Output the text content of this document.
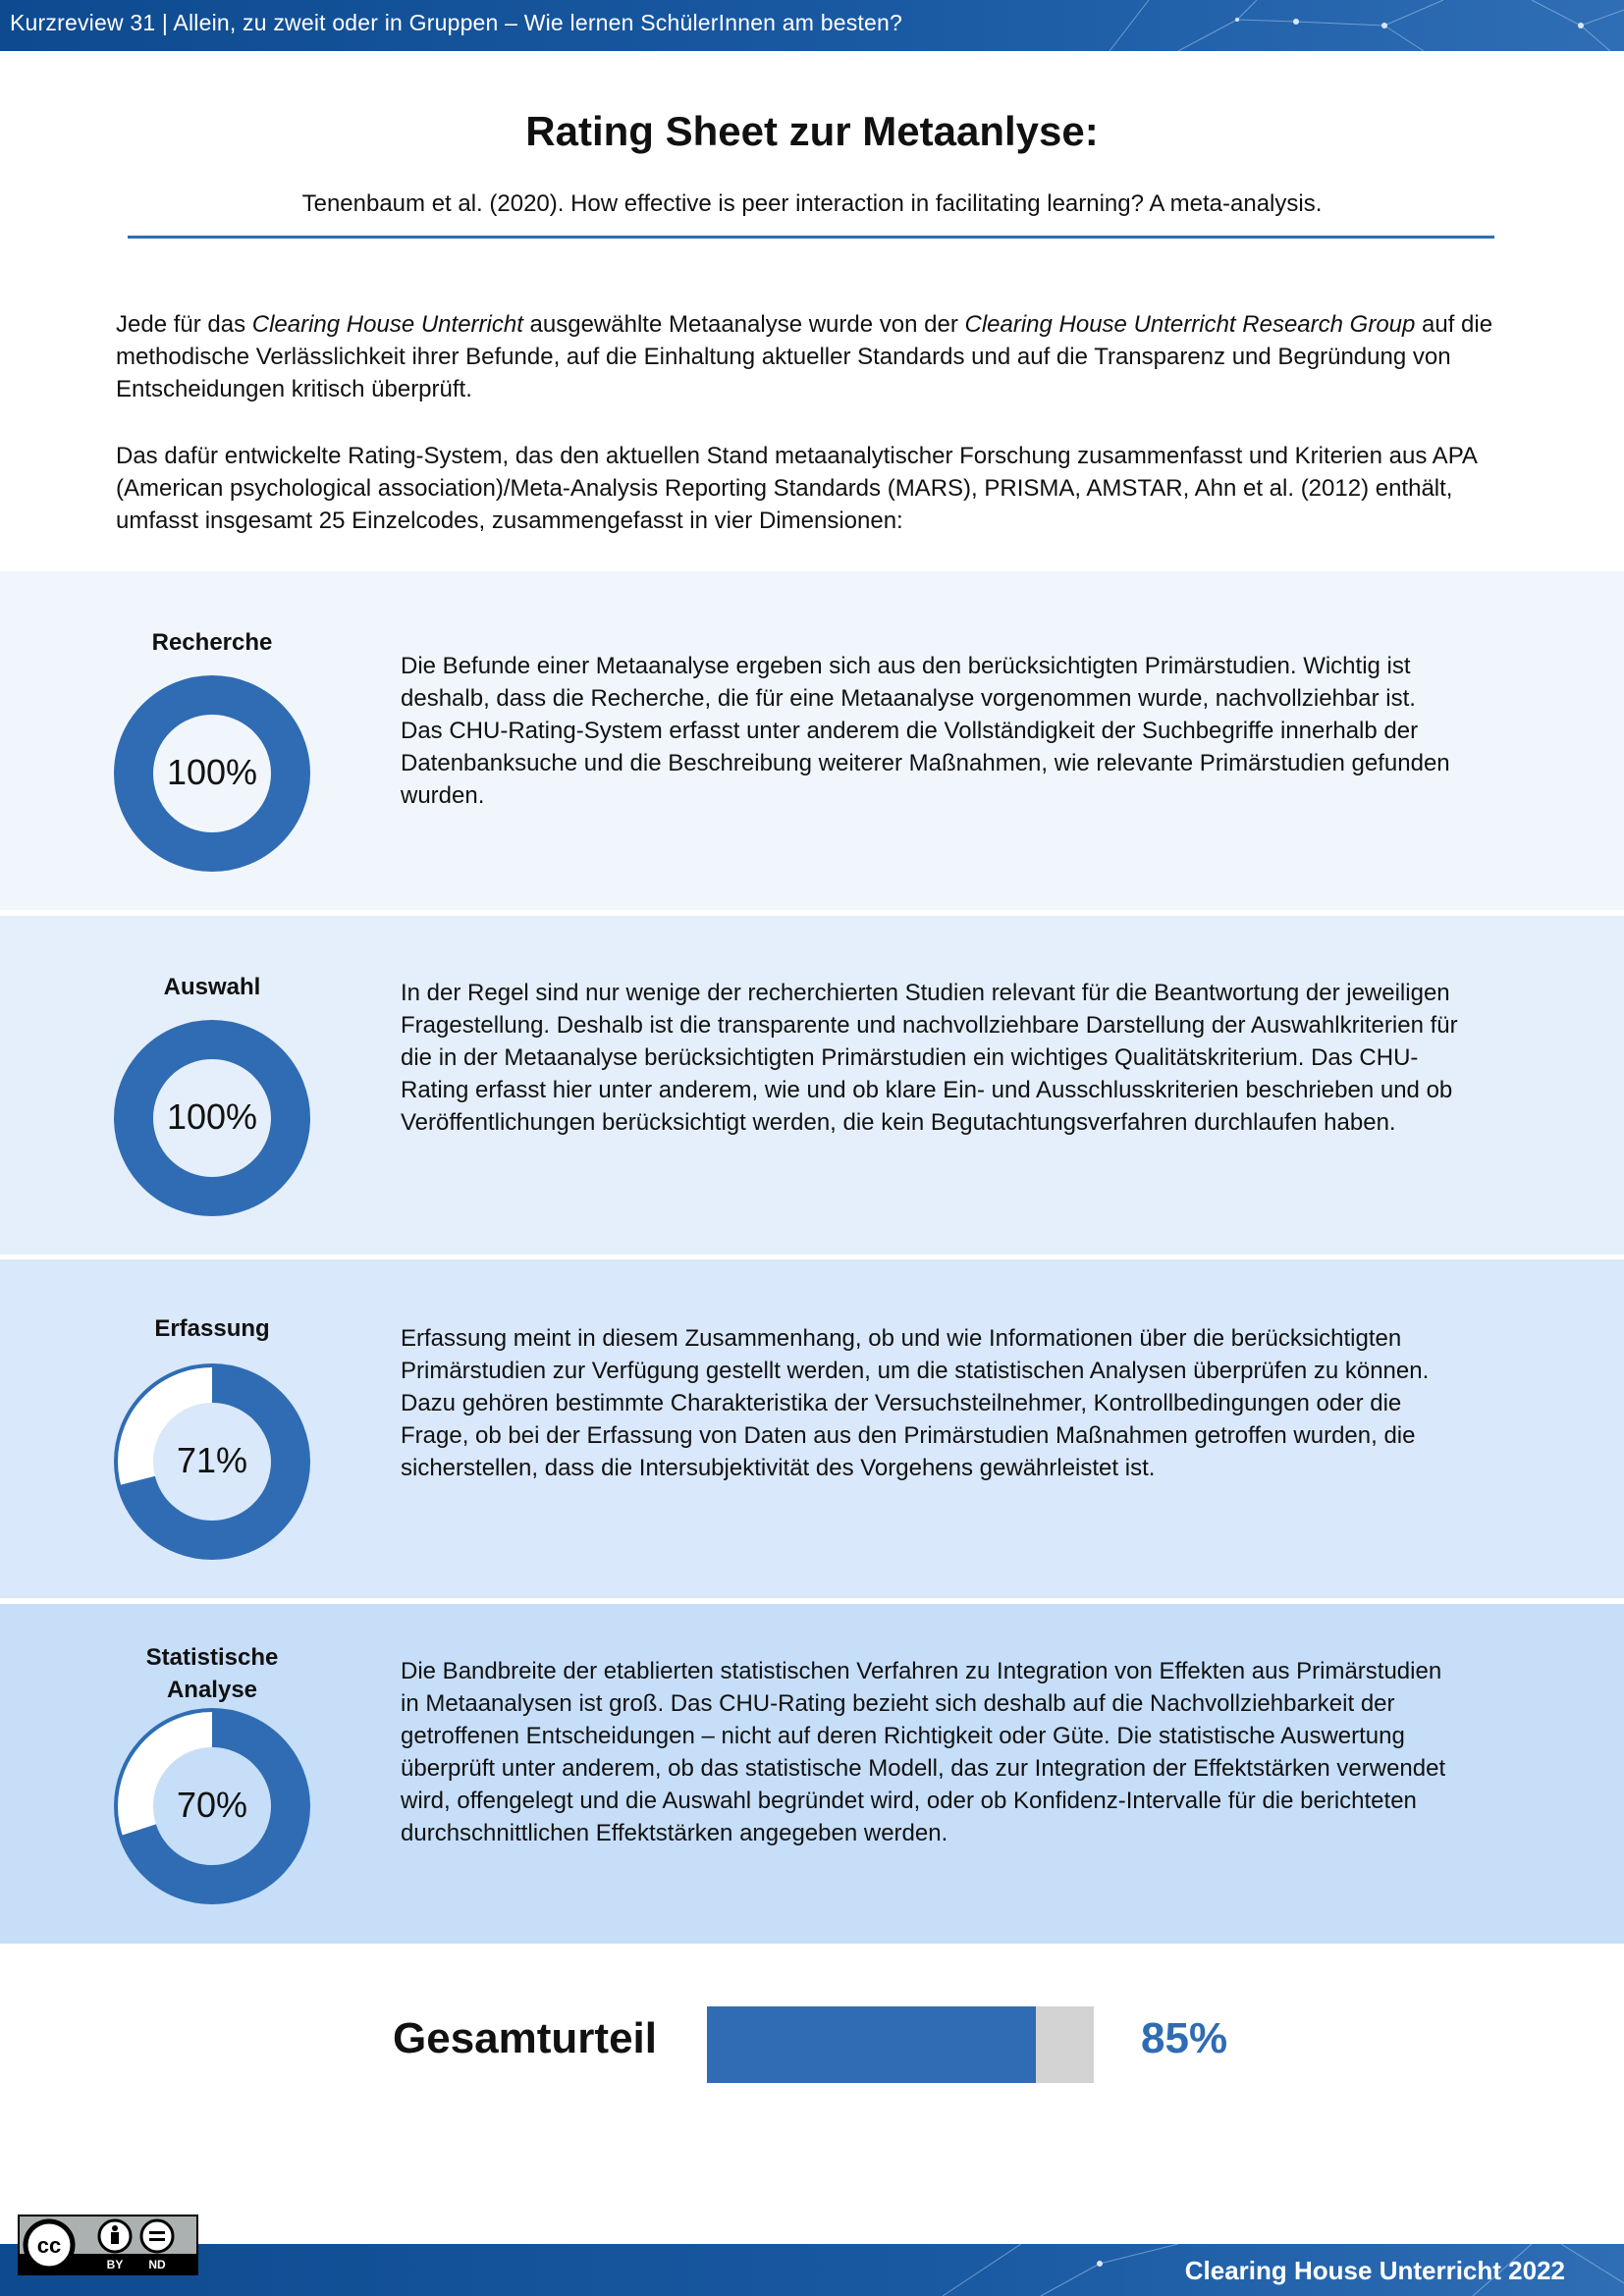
Kurzreview 31 | Allein, zu zweit oder in Gruppen – Wie lernen SchülerInnen am besten?
Rating Sheet zur Metaanlyse:
Tenenbaum et al. (2020). How effective is peer interaction in facilitating learning? A meta-analysis.
Jede für das Clearing House Unterricht ausgewählte Metaanalyse wurde von der Clearing House Unterricht Research Group auf die methodische Verlässlichkeit ihrer Befunde, auf die Einhaltung aktueller Standards und auf die Transparenz und Begründung von Entscheidungen kritisch überprüft.
Das dafür entwickelte Rating-System, das den aktuellen Stand metaanalytischer Forschung zusammenfasst und Kriterien aus APA (American psychological association)/Meta-Analysis Reporting Standards (MARS), PRISMA, AMSTAR, Ahn et al. (2012) enthält, umfasst insgesamt 25 Einzelcodes, zusammengefasst in vier Dimensionen:
Recherche
100%
Die Befunde einer Metaanalyse ergeben sich aus den berücksichtigten Primärstudien. Wichtig ist deshalb, dass die Recherche, die für eine Metaanalyse vorgenommen wurde, nachvollziehbar ist. Das CHU-Rating-System erfasst unter anderem die Vollständigkeit der Suchbegriffe innerhalb der Datenbanksuche und die Beschreibung weiterer Maßnahmen, wie relevante Primärstudien gefunden wurden.
Auswahl
100%
In der Regel sind nur wenige der recherchierten Studien relevant für die Beantwortung der jeweiligen Fragestellung. Deshalb ist die transparente und nachvollziehbare Darstellung der Auswahlkriterien für die in der Metaanalyse berücksichtigten Primärstudien ein wichtiges Qualitätskriterium. Das CHU-Rating erfasst hier unter anderem, wie und ob klare Ein- und Ausschlusskriterien beschrieben und ob Veröffentlichungen berücksichtigt werden, die kein Begutachtungsverfahren durchlaufen haben.
Erfassung
71%
Erfassung meint in diesem Zusammenhang, ob und wie Informationen über die berücksichtigten Primärstudien zur Verfügung gestellt werden, um die statistischen Analysen überprüfen zu können. Dazu gehören bestimmte Charakteristika der Versuchsteilnehmer, Kontrollbedingungen oder die Frage, ob bei der Erfassung von Daten aus den Primärstudien Maßnahmen getroffen wurden, die sicherstellen, dass die Intersubjektivität des Vorgehens gewährleistet ist.
Statistische
Analyse
70%
Die Bandbreite der etablierten statistischen Verfahren zu Integration von Effekten aus Primärstudien in Metaanalysen ist groß. Das CHU-Rating bezieht sich deshalb auf die Nachvollziehbarkeit der getroffenen Entscheidungen – nicht auf deren Richtigkeit oder Güte. Die statistische Auswertung überprüft unter anderem, ob das statistische Modell, das zur Integration der Effektstärken verwendet wird, offengelegt und die Auswahl begründet wird, oder ob Konfidenz-Intervalle für die berichteten durchschnittlichen Effektstärken angegeben werden.
Gesamturteil	85%
Clearing House Unterricht 2022
cc
BY ND
